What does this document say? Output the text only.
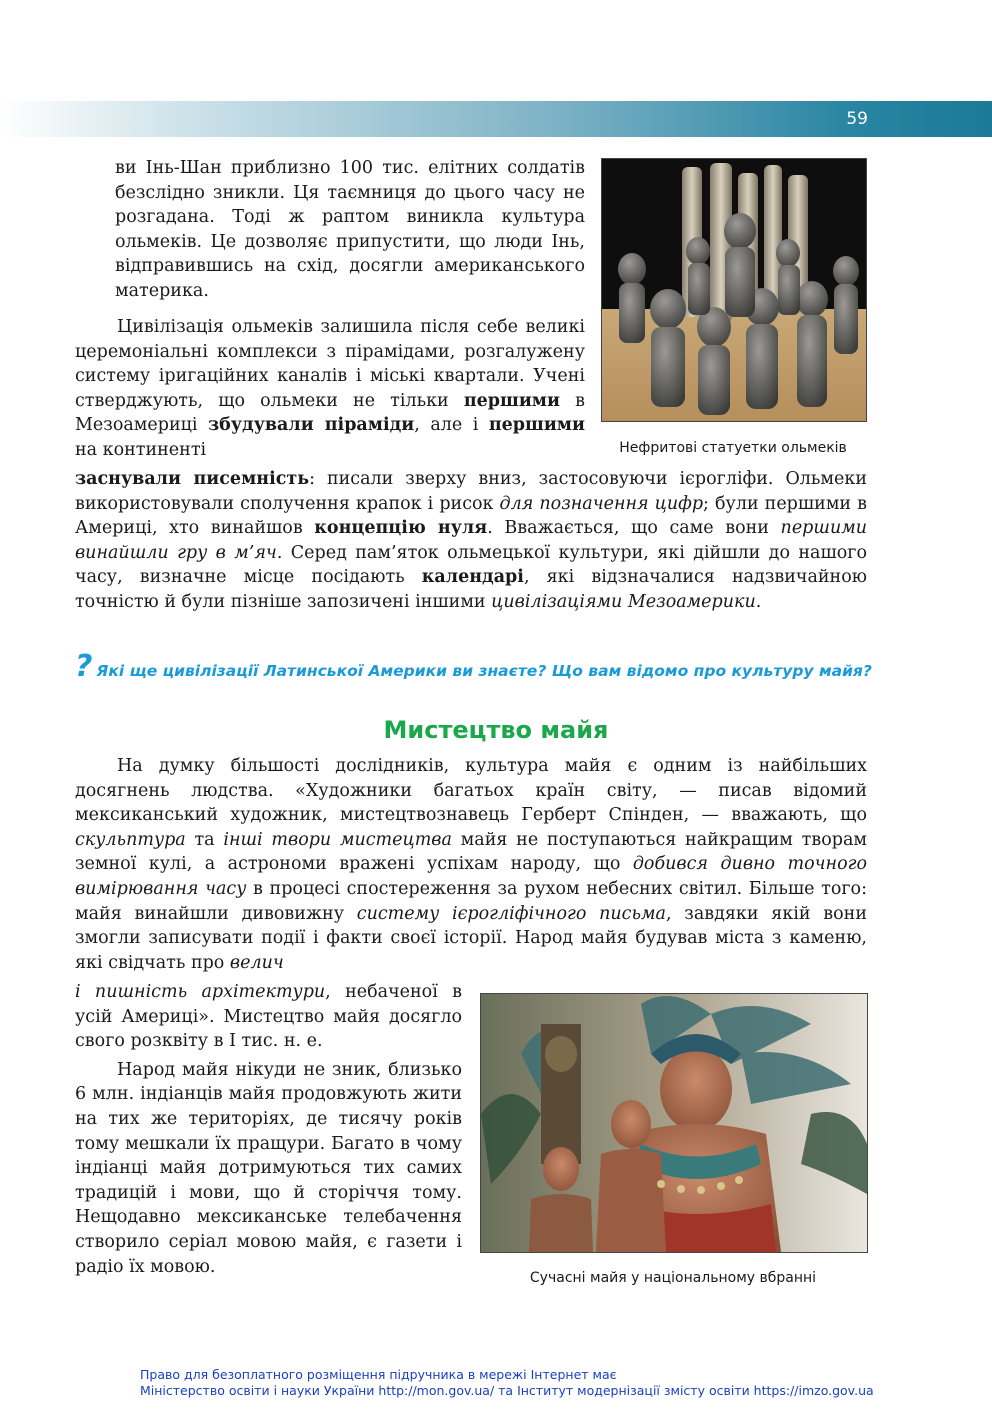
59

ви Інь-Шан приблизно 100 тис. елітних солдатів безслідно зникли. Ця таємниця до цього часу не розгадана. Тоді ж раптом виникла культура ольмеків. Це дозволяє припустити, що люди Інь, відправившись на схід, досягли американського материка.

Нефритові статуетки ольмеків

Цивілізація ольмеків залишила після себе великі церемоніальні комплекси з пірамідами, розгалужену систему іригаційних каналів і міські квартали. Учені стверджують, що ольмеки не тільки першими в Мезоамериці збудували піраміди, але і першими на континенті

заснували писемність: писали зверху вниз, застосовуючи ієрогліфи. Ольмеки використовували сполучення крапок і рисок для позначення цифр; були першими в Америці, хто винайшов концепцію нуля. Вважається, що саме вони першими винайшли гру в м’яч. Серед пам’яток ольмецької культури, які дійшли до нашого часу, визначне місце посідають календарі, які відзначалися надзвичайною точністю й були пізніше запозичені іншими цивілізаціями Мезоамерики.

? Які ще цивілізації Латинської Америки ви знаєте? Що вам відомо про культуру майя?
Мистецтво майя

На думку більшості дослідників, культура майя є одним із найбільших досягнень людства. «Художники багатьох країн світу, — писав відомий мексиканський художник, мистецтвознавець Герберт Спінден, — вважають, що скульптура та інші твори мистецтва майя не поступаються найкращим творам земної кулі, а астрономи вражені успіхам народу, що добився дивно точного вимірювання часу в процесі спостереження за рухом небесних світил. Більше того: майя винайшли дивовижну систему ієрогліфічного письма, завдяки якій вони змогли записувати події і факти своєї історії. Народ майя будував міста з каменю, які свідчать про велич

і пишність архітектури, небаченої в усій Америці». Мистецтво майя досягло свого розквіту в І тис. н. е.

Народ майя нікуди не зник, близько 6 млн. індіанців майя продовжують жити на тих же територіях, де тисячу років тому мешкали їх пращури. Багато в чому індіанці майя дотримуються тих самих традицій і мови, що й сторіччя тому. Нещодавно мексиканське телебачення створило серіал мовою майя, є газети і радіо їх мовою.

Сучасні майя у національному вбранні
Право для безоплатного розміщення підручника в мережі Інтернет має
Міністерство освіти і науки України http://mon.gov.ua/ та Інститут модернізації змісту освіти https://imzo.gov.ua
